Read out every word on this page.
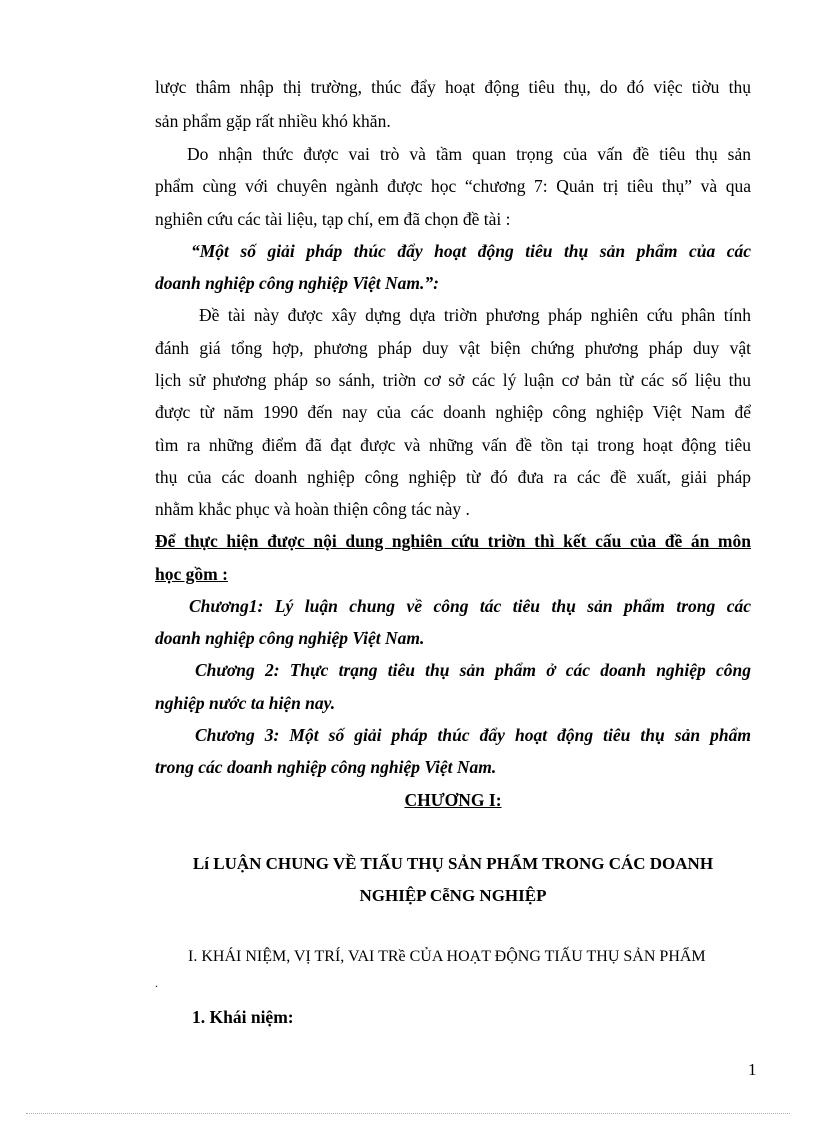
lược thâm nhập thị trường, thúc đẩy hoạt động tiêu thụ, do đó việc tiờu thụ
sản phẩm gặp rất nhiều khó khăn.
Do nhận thức được vai trò và tầm quan trọng của vấn đề tiêu thụ sản
phẩm cùng với chuyên ngành được học “chương 7: Quản trị tiêu thụ” và qua
nghiên cứu các tài liệu, tạp chí, em đã chọn đề tài :
“Một số giải pháp thúc đẩy hoạt động tiêu thụ sản phẩm của các
doanh nghiệp công nghiệp Việt Nam.”:
Đề tài này được xây dựng dựa triờn phương pháp nghiên cứu phân tính
đánh giá tổng hợp, phương pháp duy vật biện chứng phương pháp duy vật
lịch sử phương pháp so sánh, triờn cơ sở các lý luận cơ bản từ các số liệu thu
được từ năm 1990 đến nay của các doanh nghiệp công nghiệp Việt Nam để
tìm ra những điểm đã đạt được và những vấn đề tồn tại trong hoạt động tiêu
thụ của các doanh nghiệp công nghiệp từ đó đưa ra các đề xuất, giải pháp
nhằm khắc phục và hoàn thiện công tác này .
Để thực hiện được nội dung nghiên cứu triờn thì kết cấu của đề án môn
học gồm :
Chương1: Lý luận chung về công tác tiêu thụ sản phẩm trong các
doanh nghiệp công nghiệp Việt Nam.
Chương 2: Thực trạng tiêu thụ sản phẩm ở các doanh nghiệp công
nghiệp nước ta hiện nay.
Chương 3: Một số giải pháp thúc đẩy hoạt động tiêu thụ sản phẩm
trong các doanh nghiệp công nghiệp Việt Nam.
CHƯƠNG I:
Lí LUẬN CHUNG VỀ TIẤU THỤ SẢN PHẨM TRONG CÁC DOANH
NGHIỆP CễNG NGHIỆP
I. KHÁI NIỆM, VỊ TRÍ, VAI TRề CỦA HOẠT ĐỘNG TIẤU THỤ SẢN PHẨM
.
1. Khái niệm:
1
